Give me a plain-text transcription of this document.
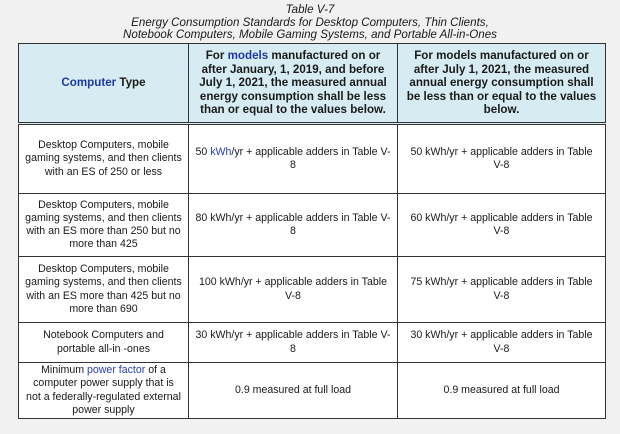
Table V-7
Energy Consumption Standards for Desktop Computers, Thin Clients,
Notebook Computers, Mobile Gaming Systems, and Portable All-in-Ones
Computer Type	For models manufactured on or after January, 1, 2019, and before July 1, 2021, the measured annual energy consumption shall be less than or equal to the values below.	For models manufactured on or after July 1, 2021, the measured annual energy consumption shall be less than or equal to the values below.
Desktop Computers, mobile gaming systems, and then clients with an ES of 250 or less	50 kWh/yr + applicable adders in Table V-8	50 kWh/yr + applicable adders in Table V-8
Desktop Computers, mobile gaming systems, and then clients with an ES more than 250 but no more than 425	80 kWh/yr + applicable adders in Table V-8	60 kWh/yr + applicable adders in Table V-8
Desktop Computers, mobile gaming systems, and then clients with an ES more than 425 but no more than 690	100 kWh/yr + applicable adders in Table V-8	75 kWh/yr + applicable adders in Table V-8
Notebook Computers and portable all-in -ones	30 kWh/yr + applicable adders in Table V-8	30 kWh/yr + applicable adders in Table V-8
Minimum power factor of a computer power supply that is not a federally-regulated external power supply	0.9 measured at full load	0.9 measured at full load
